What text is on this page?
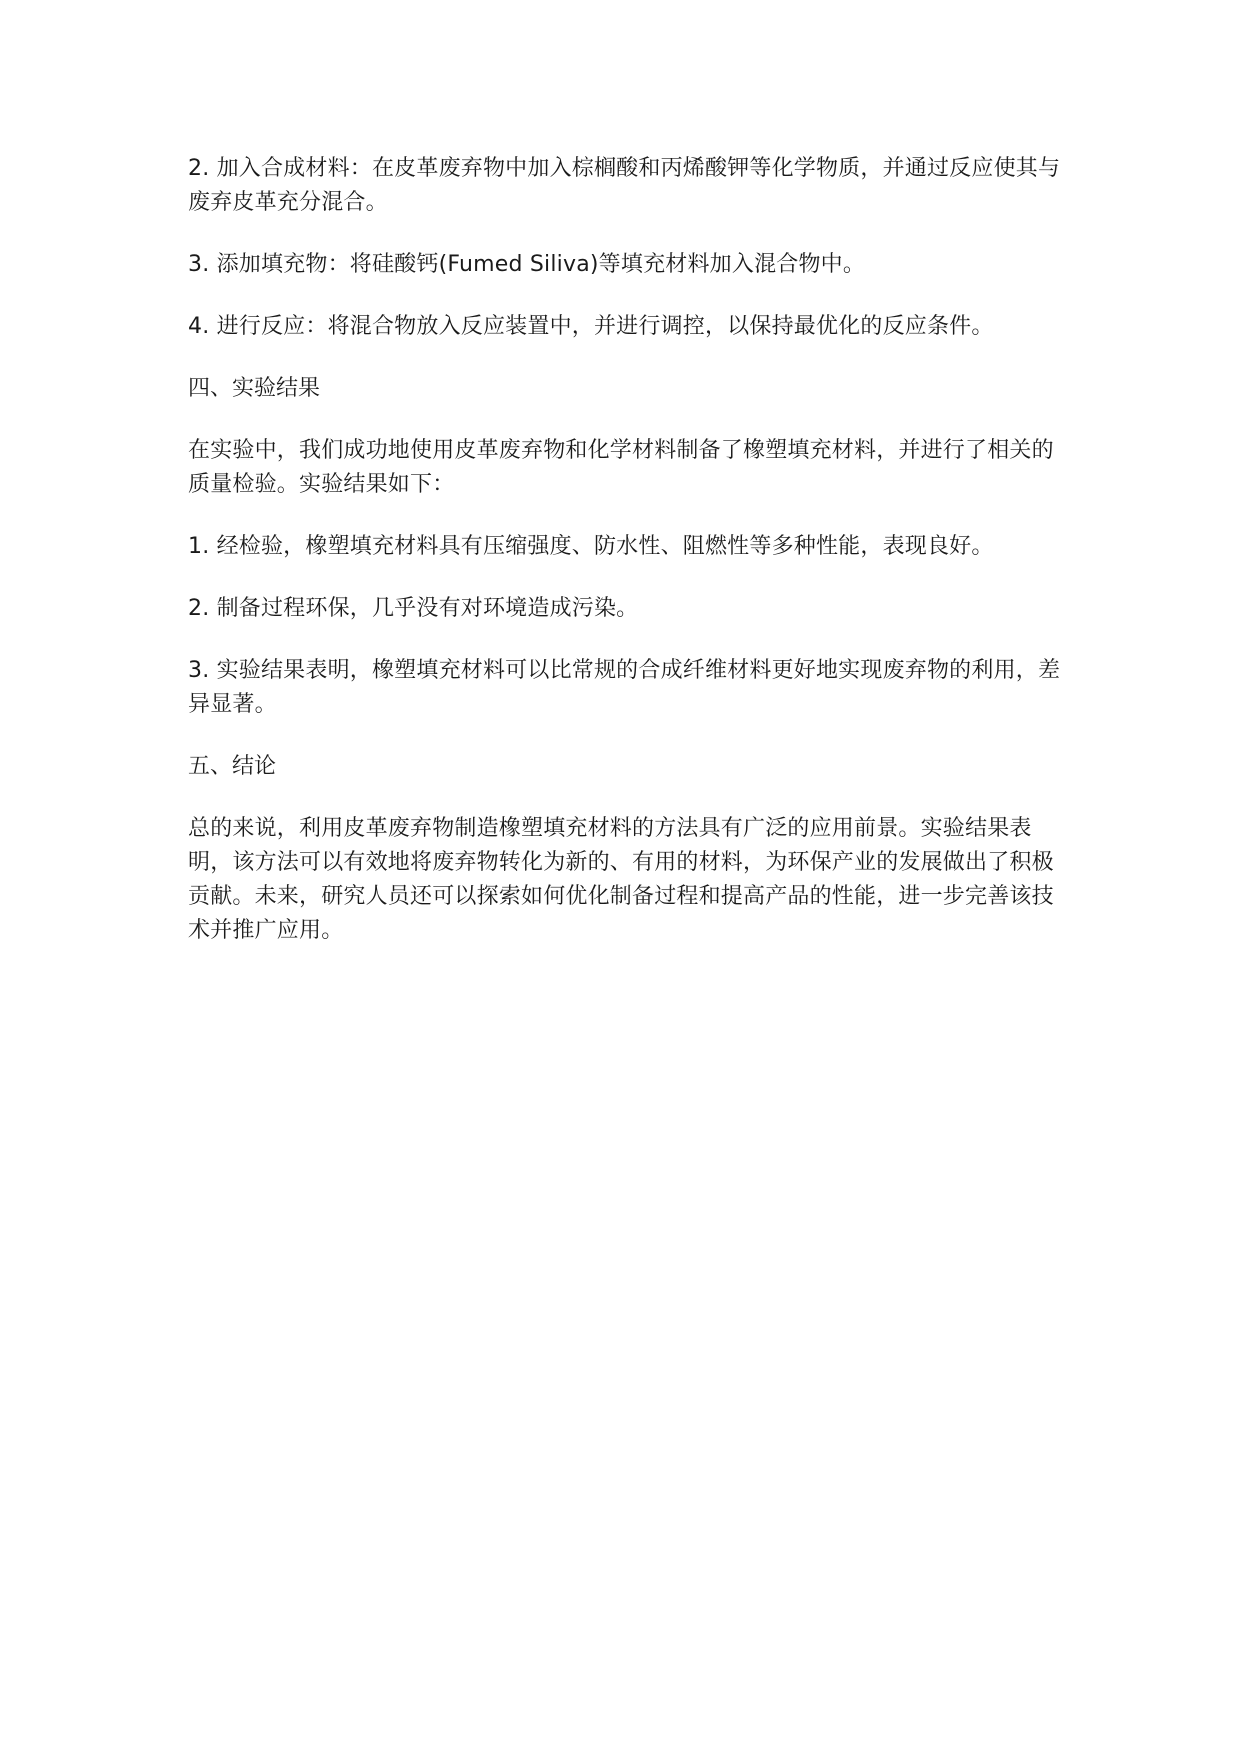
2. 加入合成材料：在皮革废弃物中加入棕榈酸和丙烯酸钾等化学物质，并通过反应使其与废弃皮革充分混合。

3. 添加填充物：将硅酸钙(Fumed Siliva)等填充材料加入混合物中。

4. 进行反应：将混合物放入反应装置中，并进行调控，以保持最优化的反应条件。

四、实验结果

在实验中，我们成功地使用皮革废弃物和化学材料制备了橡塑填充材料，并进行了相关的质量检验。实验结果如下：

1. 经检验，橡塑填充材料具有压缩强度、防水性、阻燃性等多种性能，表现良好。

2. 制备过程环保，几乎没有对环境造成污染。

3. 实验结果表明，橡塑填充材料可以比常规的合成纤维材料更好地实现废弃物的利用，差异显著。

五、结论

总的来说，利用皮革废弃物制造橡塑填充材料的方法具有广泛的应用前景。实验结果表明，该方法可以有效地将废弃物转化为新的、有用的材料，为环保产业的发展做出了积极贡献。未来，研究人员还可以探索如何优化制备过程和提高产品的性能，进一步完善该技术并推广应用。
